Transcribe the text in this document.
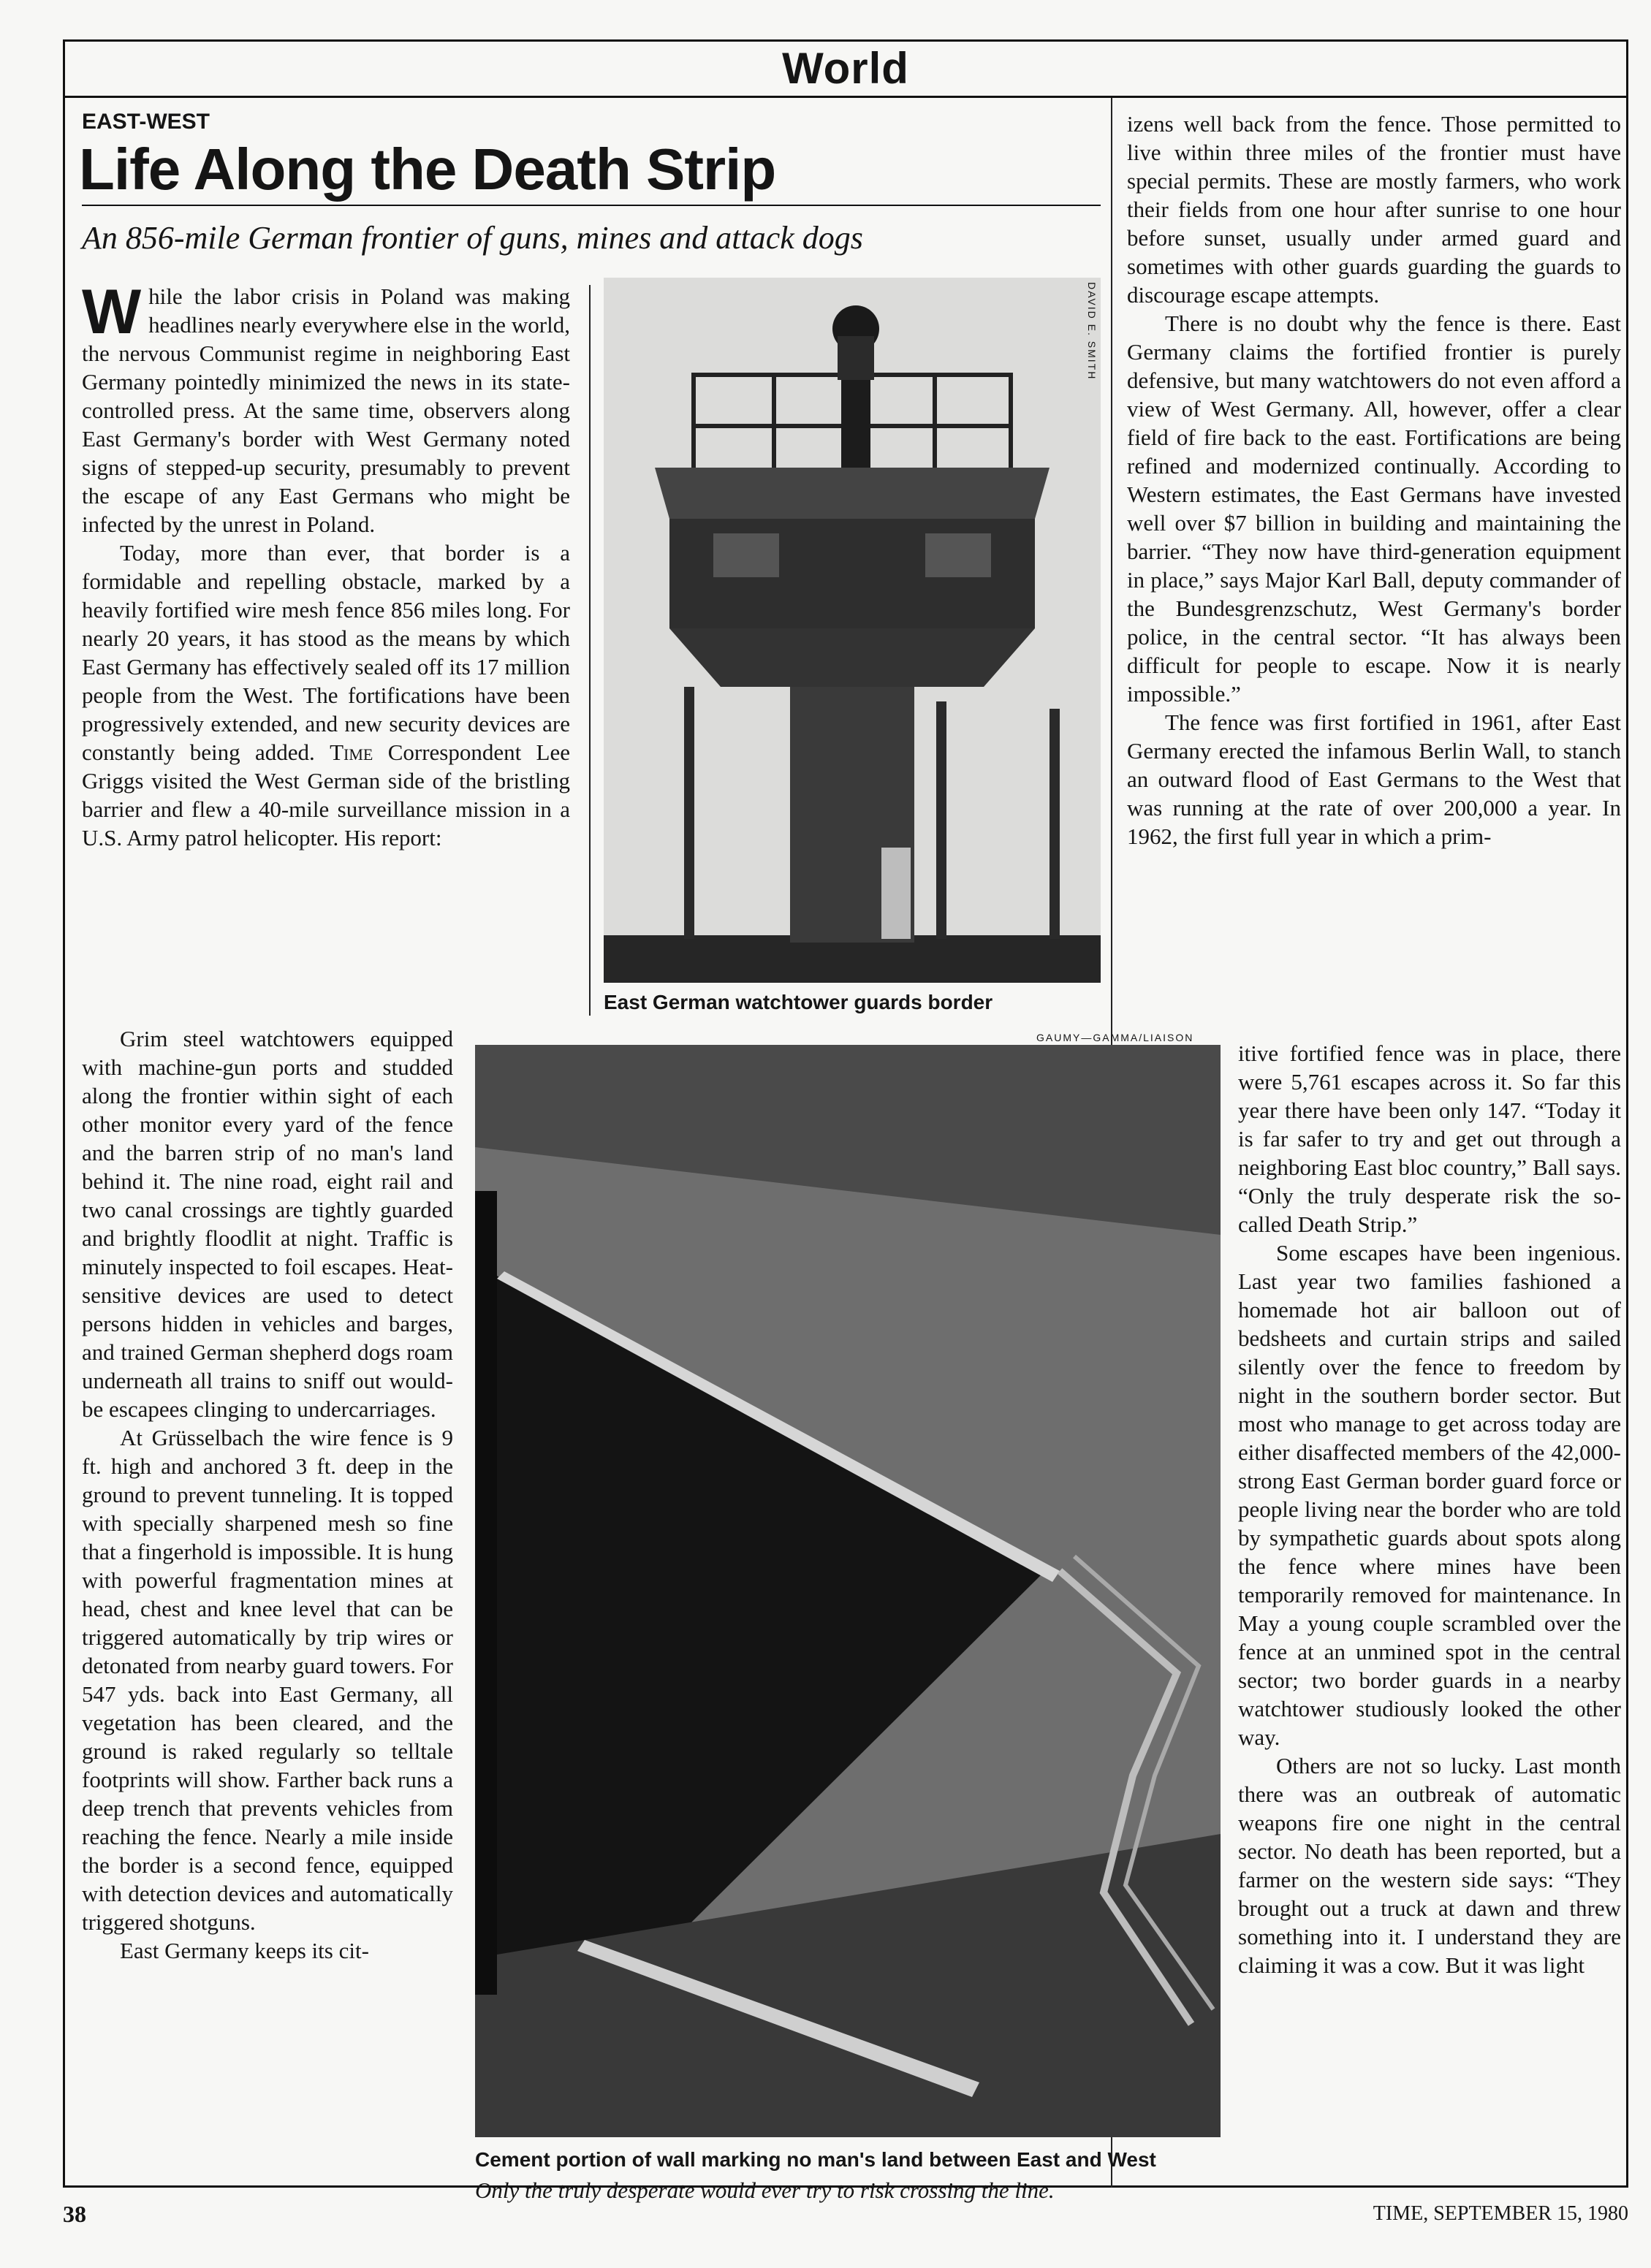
World
EAST-WEST
Life Along the Death Strip
An 856-mile German frontier of guns, mines and attack dogs

While the labor crisis in Poland was making headlines nearly everywhere else in the world, the nervous Communist regime in neighboring East Germany pointedly minimized the news in its state-controlled press. At the same time, observers along East Germany's border with West Germany noted signs of stepped-up security, presumably to prevent the escape of any East Germans who might be infected by the unrest in Poland.

Today, more than ever, that border is a formidable and repelling obstacle, marked by a heavily fortified wire mesh fence 856 miles long. For nearly 20 years, it has stood as the means by which East Germany has effectively sealed off its 17 million people from the West. The fortifications have been progressively extended, and new security devices are constantly being added. Time Correspondent Lee Griggs visited the West German side of the bristling barrier and flew a 40-mile surveillance mission in a U.S. Army patrol helicopter. His report:

Grim steel watchtowers equipped with machine-gun ports and studded along the frontier within sight of each other monitor every yard of the fence and the barren strip of no man's land behind it. The nine road, eight rail and two canal crossings are tightly guarded and brightly floodlit at night. Traffic is minutely inspected to foil escapes. Heat-sensitive devices are used to detect persons hidden in vehicles and barges, and trained German shepherd dogs roam underneath all trains to sniff out would-be escapees clinging to undercarriages.

At Grüsselbach the wire fence is 9 ft. high and anchored 3 ft. deep in the ground to prevent tunneling. It is topped with specially sharpened mesh so fine that a fingerhold is impossible. It is hung with powerful fragmentation mines at head, chest and knee level that can be triggered automatically by trip wires or detonated from nearby guard towers. For 547 yds. back into East Germany, all vegetation has been cleared, and the ground is raked regularly so telltale footprints will show. Farther back runs a deep trench that prevents vehicles from reaching the fence. Nearly a mile inside the border is a second fence, equipped with detection devices and automatically triggered shotguns.

East Germany keeps its cit-

DAVID E. SMITH
East German watchtower guards border
GAUMY—GAMMA/LIAISON
Cement portion of wall marking no man's land between East and West
Only the truly desperate would ever try to risk crossing the line.

izens well back from the fence. Those permitted to live within three miles of the frontier must have special permits. These are mostly farmers, who work their fields from one hour after sunrise to one hour before sunset, usually under armed guard and sometimes with other guards guarding the guards to discourage escape attempts.

There is no doubt why the fence is there. East Germany claims the fortified frontier is purely defensive, but many watchtowers do not even afford a view of West Germany. All, however, offer a clear field of fire back to the east. Fortifications are being refined and modernized continually. According to Western estimates, the East Germans have invested well over $7 billion in building and maintaining the barrier. “They now have third-generation equipment in place,” says Major Karl Ball, deputy commander of the Bundesgrenzschutz, West Germany's border police, in the central sector. “It has always been difficult for people to escape. Now it is nearly impossible.”

The fence was first fortified in 1961, after East Germany erected the infamous Berlin Wall, to stanch an outward flood of East Germans to the West that was running at the rate of over 200,000 a year. In 1962, the first full year in which a prim-

itive fortified fence was in place, there were 5,761 escapes across it. So far this year there have been only 147. “Today it is far safer to try and get out through a neighboring East bloc country,” Ball says. “Only the truly desperate risk the so-called Death Strip.”

Some escapes have been ingenious. Last year two families fashioned a homemade hot air balloon out of bedsheets and curtain strips and sailed silently over the fence to freedom by night in the southern border sector. But most who manage to get across today are either disaffected members of the 42,000-strong East German border guard force or people living near the border who are told by sympathetic guards about spots along the fence where mines have been temporarily removed for maintenance. In May a young couple scrambled over the fence at an unmined spot in the central sector; two border guards in a nearby watchtower studiously looked the other way.

Others are not so lucky. Last month there was an outbreak of automatic weapons fire one night in the central sector. No death has been reported, but a farmer on the western side says: “They brought out a truck at dawn and threw something into it. I understand they are claiming it was a cow. But it was light

38	TIME, SEPTEMBER 15, 1980
